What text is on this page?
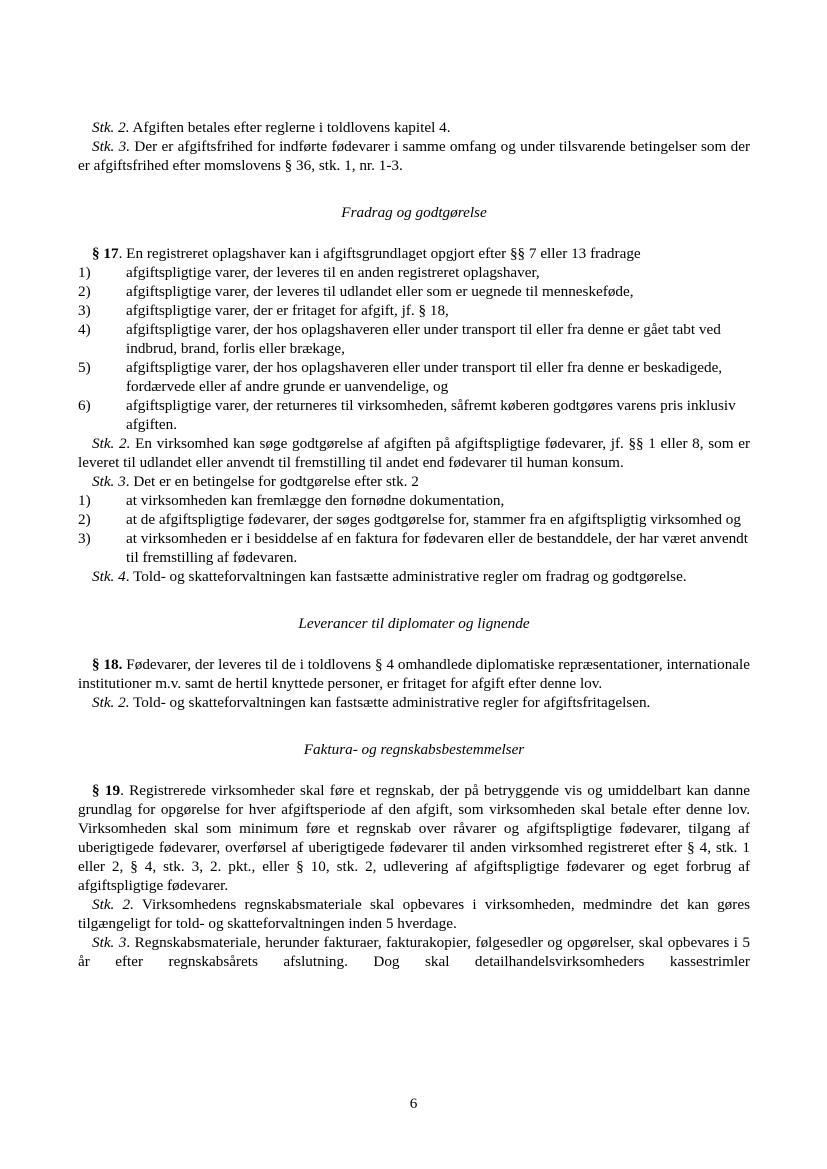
Stk. 2. Afgiften betales efter reglerne i toldlovens kapitel 4.

Stk. 3. Der er afgiftsfrihed for indførte fødevarer i samme omfang og under tilsvarende betingelser som der er afgiftsfrihed efter momslovens § 36, stk. 1, nr. 1-3.

Fradrag og godtgørelse

§ 17. En registreret oplagshaver kan i afgiftsgrundlaget opgjort efter §§ 7 eller 13 fradrage

1)	afgiftspligtige varer, der leveres til en anden registreret oplagshaver,
2)	afgiftspligtige varer, der leveres til udlandet eller som er uegnede til menneskeføde,
3)	afgiftspligtige varer, der er fritaget for afgift, jf. § 18,
4)	afgiftspligtige varer, der hos oplagshaveren eller under transport til eller fra denne er gået tabt ved indbrud, brand, forlis eller brækage,
5)	afgiftspligtige varer, der hos oplagshaveren eller under transport til eller fra denne er beskadigede, fordærvede eller af andre grunde er uanvendelige, og
6)	afgiftspligtige varer, der returneres til virksomheden, såfremt køberen godtgøres varens pris inklusiv afgiften.

Stk. 2. En virksomhed kan søge godtgørelse af afgiften på afgiftspligtige fødevarer, jf. §§ 1 eller 8, som er leveret til udlandet eller anvendt til fremstilling til andet end fødevarer til human konsum.

Stk. 3. Det er en betingelse for godtgørelse efter stk. 2

1)	at virksomheden kan fremlægge den fornødne dokumentation,
2)	at de afgiftspligtige fødevarer, der søges godtgørelse for, stammer fra en afgiftspligtig virksomhed og
3)	at virksomheden er i besiddelse af en faktura for fødevaren eller de bestanddele, der har været anvendt til fremstilling af fødevaren.

Stk. 4. Told- og skatteforvaltningen kan fastsætte administrative regler om fradrag og godtgørelse.

Leverancer til diplomater og lignende

§ 18. Fødevarer, der leveres til de i toldlovens § 4 omhandlede diplomatiske repræsentationer, internationale institutioner m.v. samt de hertil knyttede personer, er fritaget for afgift efter denne lov.

Stk. 2. Told- og skatteforvaltningen kan fastsætte administrative regler for afgiftsfritagelsen.

Faktura- og regnskabsbestemmelser

§ 19. Registrerede virksomheder skal føre et regnskab, der på betryggende vis og umiddelbart kan danne grundlag for opgørelse for hver afgiftsperiode af den afgift, som virksomheden skal betale efter denne lov. Virksomheden skal som minimum føre et regnskab over råvarer og afgiftspligtige fødevarer, tilgang af uberigtigede fødevarer, overførsel af uberigtigede fødevarer til anden virksomhed registreret efter § 4, stk. 1 eller 2, § 4, stk. 3, 2. pkt., eller § 10, stk. 2, udlevering af afgiftspligtige fødevarer og eget forbrug af afgiftspligtige fødevarer.

Stk. 2. Virksomhedens regnskabsmateriale skal opbevares i virksomheden, medmindre det kan gøres tilgængeligt for told- og skatteforvaltningen inden 5 hverdage.

Stk. 3. Regnskabsmateriale, herunder fakturaer, fakturakopier, følgesedler og opgørelser, skal opbevares i 5 år efter regnskabsårets afslutning. Dog skal detailhandelsvirksomheders kassestrimler

6
